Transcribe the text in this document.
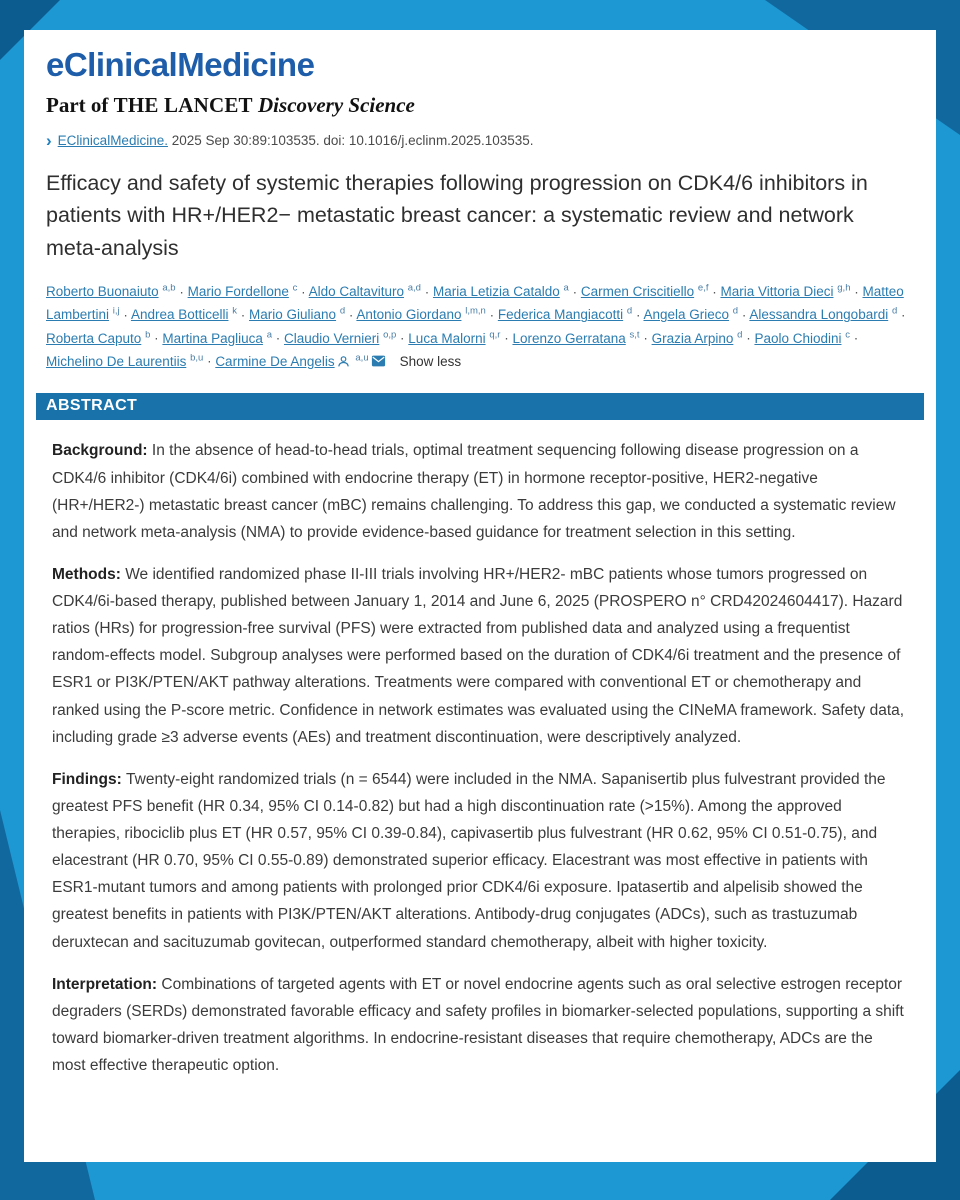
eClinicalMedicine
Part of THE LANCET Discovery Science
› EClinicalMedicine. 2025 Sep 30:89:103535. doi: 10.1016/j.eclinm.2025.103535.
Efficacy and safety of systemic therapies following progression on CDK4/6 inhibitors in patients with HR+/HER2− metastatic breast cancer: a systematic review and network meta-analysis

Roberto Buonaiuto $^{a,b}$ · Mario Fordellone $^c$ · Aldo Caltavituro $^{a,d}$ · Maria Letizia Cataldo $^a$ · Carmen Criscitiello $^{e,f}$ · Maria Vittoria Dieci $^{g,h}$ · Matteo Lambertini $^{i,j}$ · Andrea Botticelli $^k$ · Mario Giuliano $^d$ · Antonio Giordano $^{l,m,n}$ · Federica Mangiacotti $^d$ · Angela Grieco $^d$ · Alessandra Longobardi $^d$ · Roberta Caputo $^b$ · Martina Pagliuca $^a$ · Claudio Vernieri $^{o,p}$ · Luca Malorni $^{q,r}$ · Lorenzo Gerratana $^{s,t}$ · Grazia Arpino $^d$ · Paolo Chiodini $^c$ · Michelino De Laurentiis $^{b,u}$ · Carmine De Angelis $^{a,u}$ Show less

ABSTRACT

Background: In the absence of head-to-head trials, optimal treatment sequencing following disease progression on a CDK4/6 inhibitor (CDK4/6i) combined with endocrine therapy (ET) in hormone receptor-positive, HER2-negative (HR+/HER2-) metastatic breast cancer (mBC) remains challenging. To address this gap, we conducted a systematic review and network meta-analysis (NMA) to provide evidence-based guidance for treatment selection in this setting.

Methods: We identified randomized phase II-III trials involving HR+/HER2- mBC patients whose tumors progressed on CDK4/6i-based therapy, published between January 1, 2014 and June 6, 2025 (PROSPERO n° CRD42024604417). Hazard ratios (HRs) for progression-free survival (PFS) were extracted from published data and analyzed using a frequentist random-effects model. Subgroup analyses were performed based on the duration of CDK4/6i treatment and the presence of ESR1 or PI3K/PTEN/AKT pathway alterations. Treatments were compared with conventional ET or chemotherapy and ranked using the P-score metric. Confidence in network estimates was evaluated using the CINeMA framework. Safety data, including grade ≥3 adverse events (AEs) and treatment discontinuation, were descriptively analyzed.

Findings: Twenty-eight randomized trials (n = 6544) were included in the NMA. Sapanisertib plus fulvestrant provided the greatest PFS benefit (HR 0.34, 95% CI 0.14-0.82) but had a high discontinuation rate (>15%). Among the approved therapies, ribociclib plus ET (HR 0.57, 95% CI 0.39-0.84), capivasertib plus fulvestrant (HR 0.62, 95% CI 0.51-0.75), and elacestrant (HR 0.70, 95% CI 0.55-0.89) demonstrated superior efficacy. Elacestrant was most effective in patients with ESR1-mutant tumors and among patients with prolonged prior CDK4/6i exposure. Ipatasertib and alpelisib showed the greatest benefits in patients with PI3K/PTEN/AKT alterations. Antibody-drug conjugates (ADCs), such as trastuzumab deruxtecan and sacituzumab govitecan, outperformed standard chemotherapy, albeit with higher toxicity.

Interpretation: Combinations of targeted agents with ET or novel endocrine agents such as oral selective estrogen receptor degraders (SERDs) demonstrated favorable efficacy and safety profiles in biomarker-selected populations, supporting a shift toward biomarker-driven treatment algorithms. In endocrine-resistant diseases that require chemotherapy, ADCs are the most effective therapeutic option.
